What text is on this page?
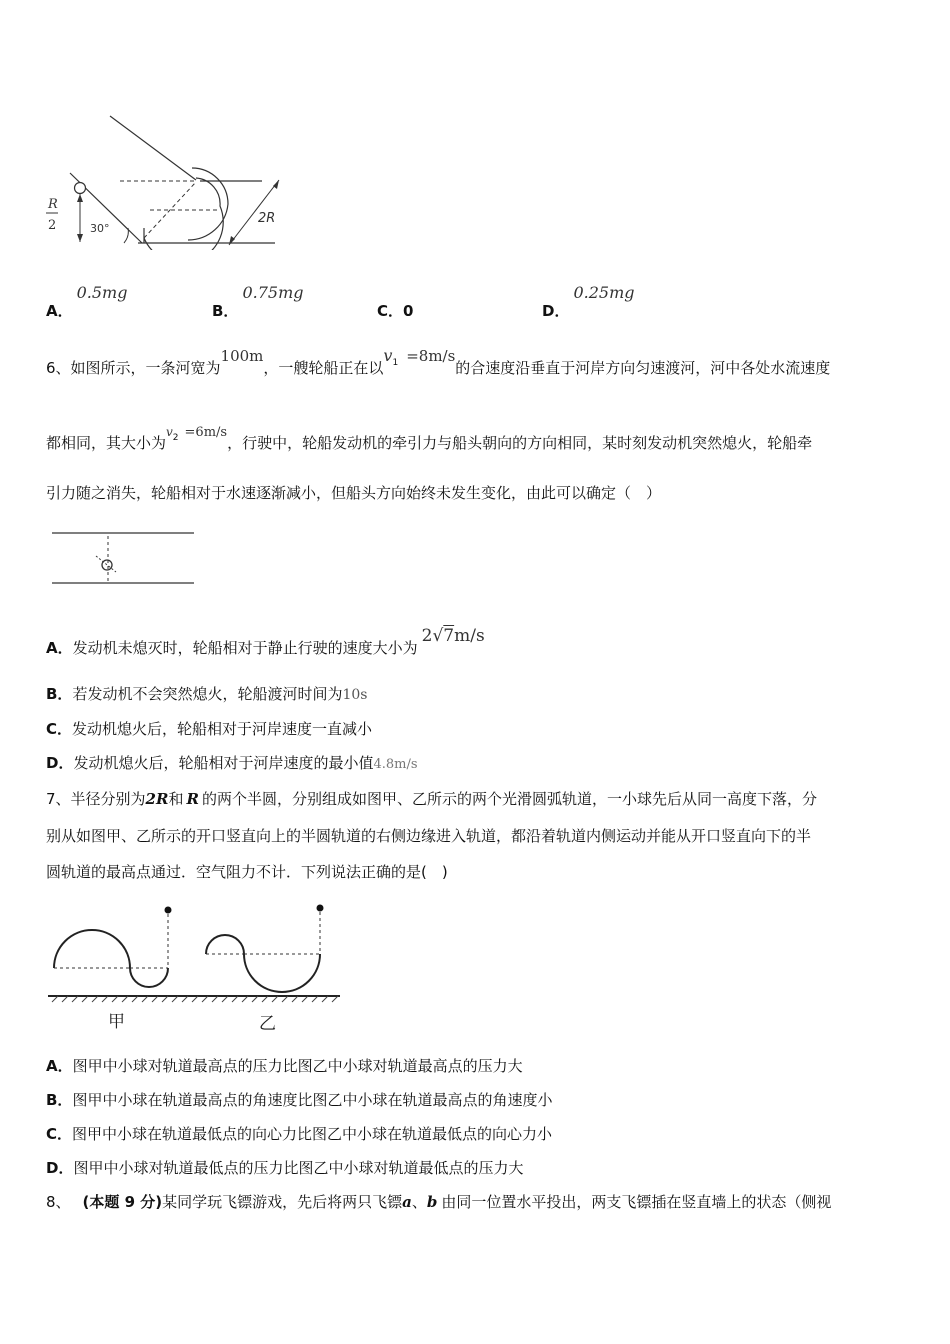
R
2	30°
2R
A．0.5mg
B．0.75mg
C．0	D．0.25mg
6、如图所示，一条河宽为100m，一艘轮船正在以$v_1 =8m/s$的合速度沿垂直于河岸方向匀速渡河，河中各处水流速度
都相同，其大小为$v_2 =6m/s$，行驶中，轮船发动机的牵引力与船头朝向的方向相同，某时刻发动机突然熄火，轮船牵
引力随之消失，轮船相对于水速逐渐减小，但船头方向始终未发生变化，由此可以确定（　）
A．发动机未熄灭时，轮船相对于静止行驶的速度大小为2√7m/s
B．若发动机不会突然熄火，轮船渡河时间为10s
C．发动机熄火后，轮船相对于河岸速度一直减小
D．发动机熄火后，轮船相对于河岸速度的最小值4.8m/s
7、半径分别为2R和 R 的两个半圆，分别组成如图甲、乙所示的两个光滑圆弧轨道，一小球先后从同一高度下落，分
别从如图甲、乙所示的开口竖直向上的半圆轨道的右侧边缘进入轨道，都沿着轨道内侧运动并能从开口竖直向下的半
圆轨道的最高点通过．空气阻力不计．下列说法正确的是(　)
甲	乙
A．图甲中小球对轨道最高点的压力比图乙中小球对轨道最高点的压力大
B．图甲中小球在轨道最高点的角速度比图乙中小球在轨道最高点的角速度小
C．图甲中小球在轨道最低点的向心力比图乙中小球在轨道最低点的向心力小
D．图甲中小球对轨道最低点的压力比图乙中小球对轨道最低点的压力大
8、 (本题 9 分)某同学玩飞镖游戏，先后将两只飞镖a、b 由同一位置水平投出，两支飞镖插在竖直墙上的状态（侧视
